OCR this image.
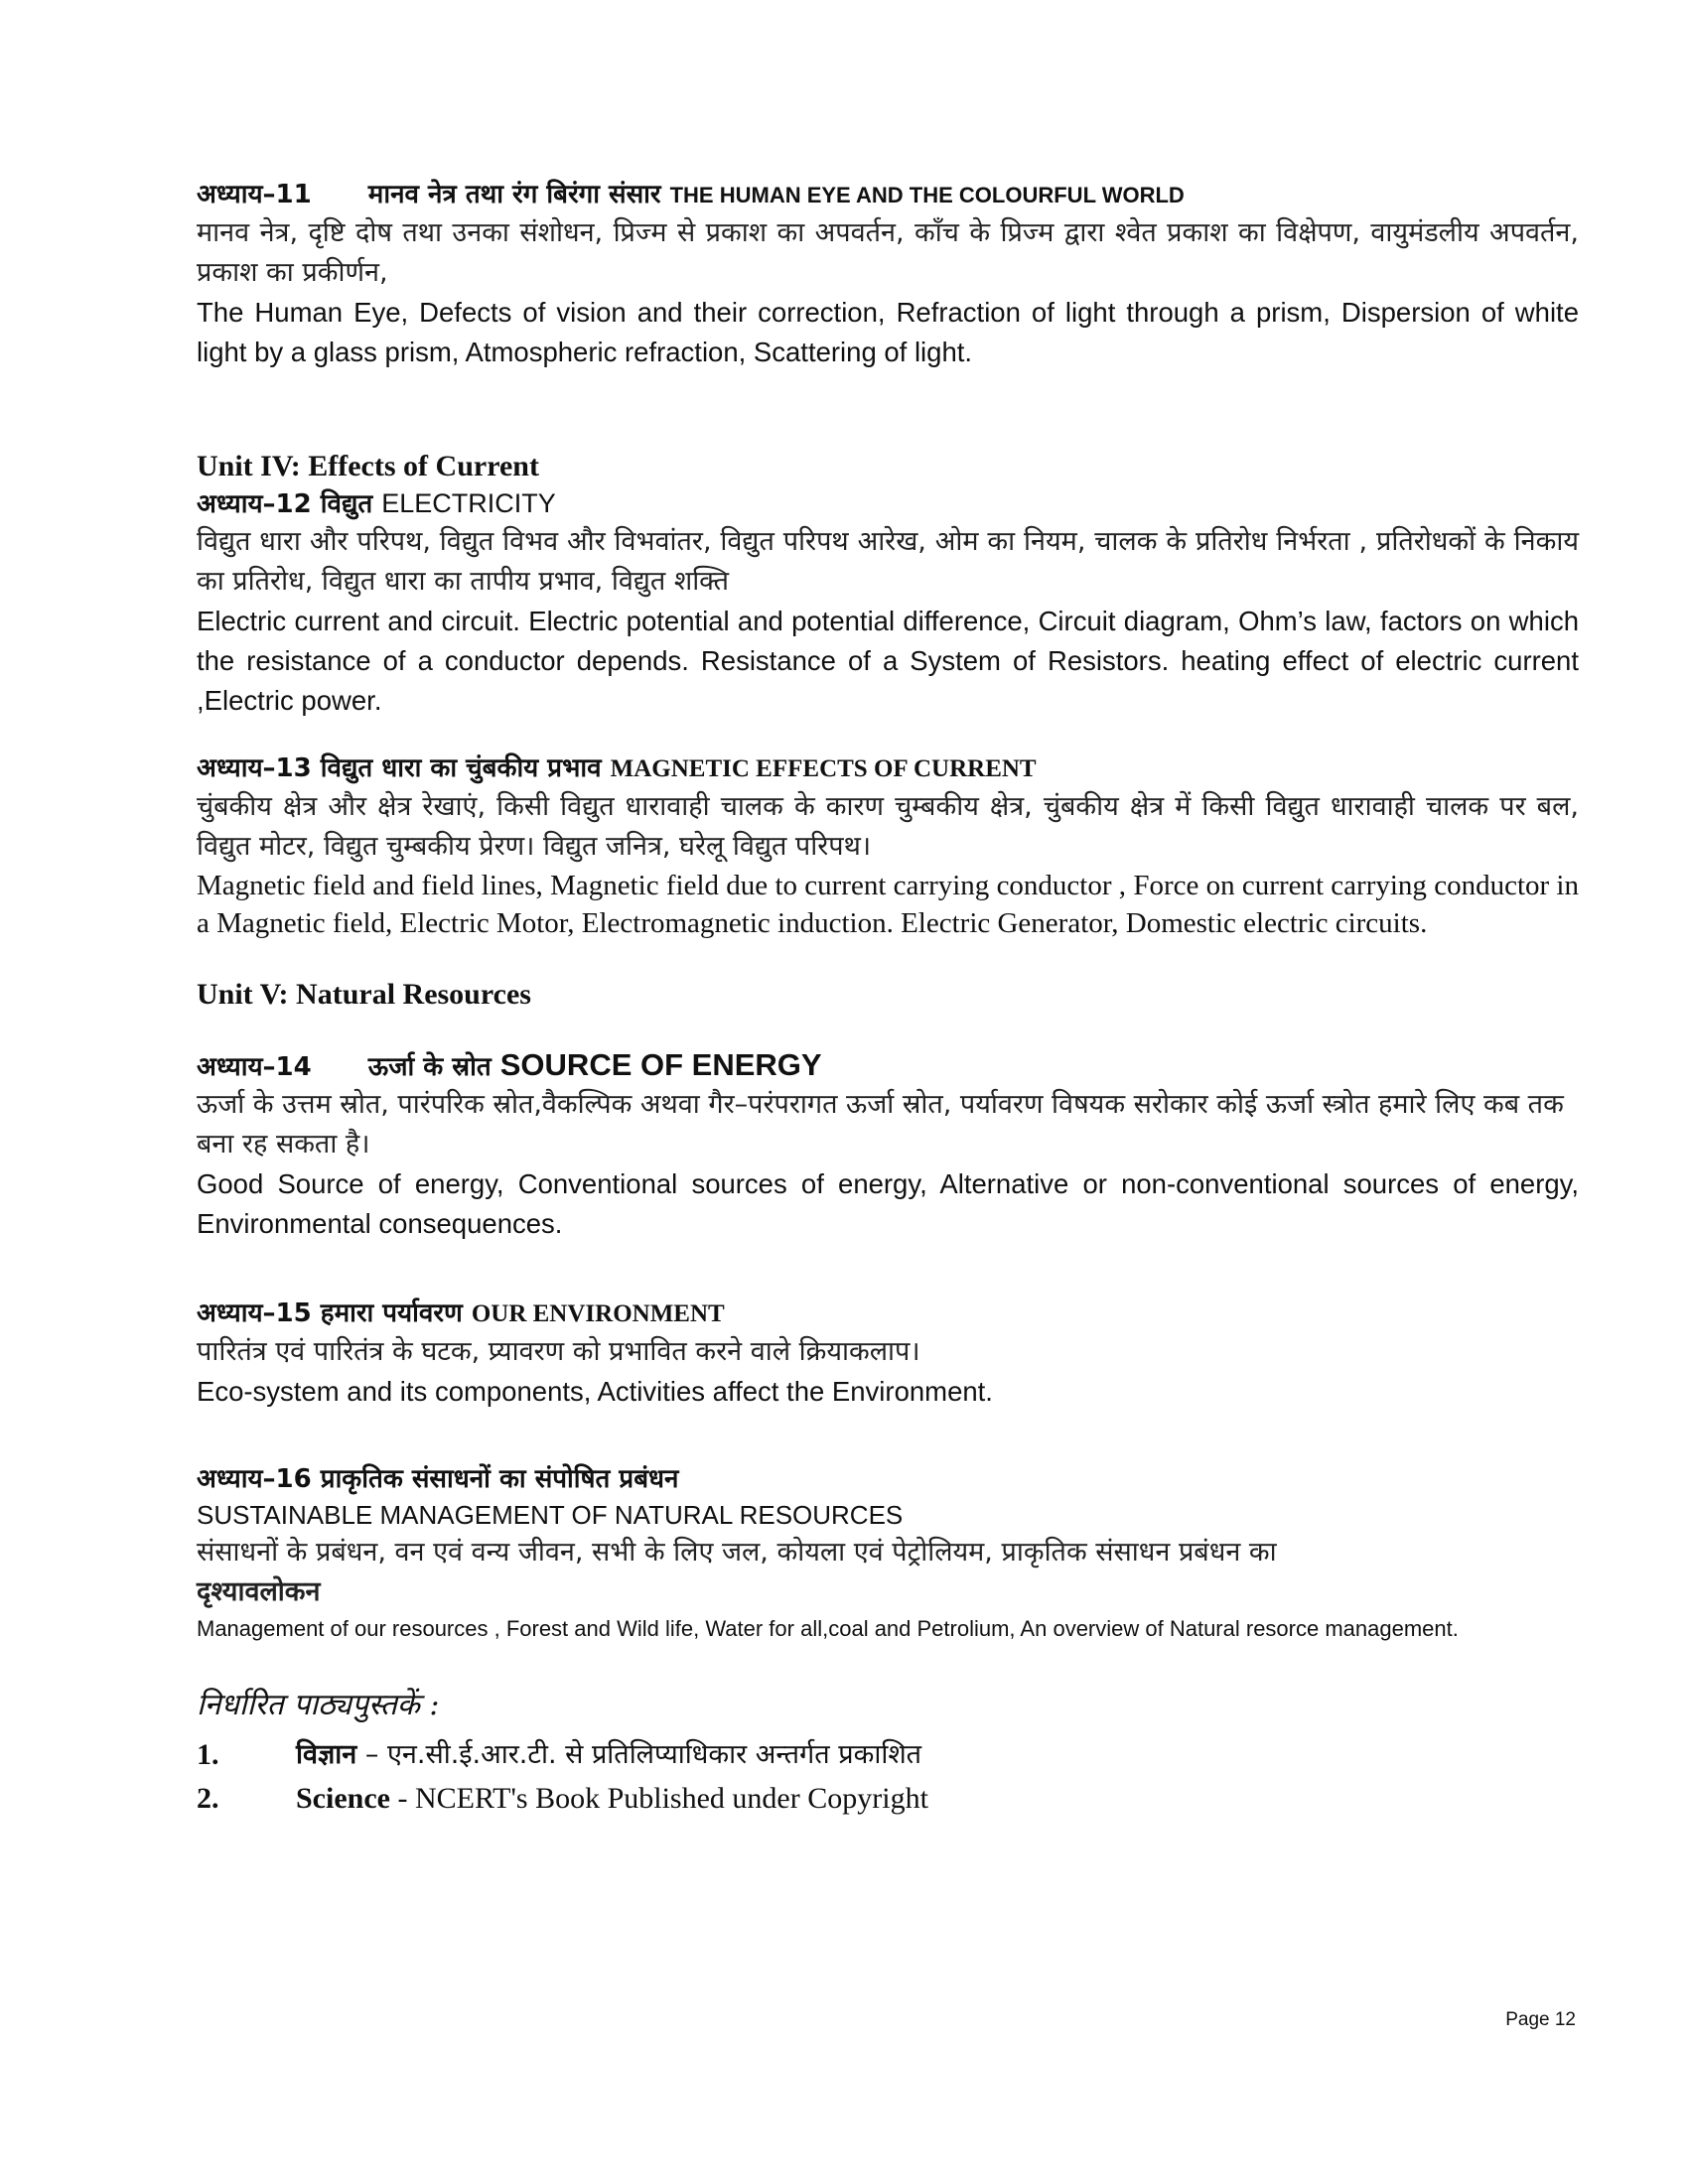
अध्याय–11 मानव नेत्र तथा रंग बिरंगा संसार THE HUMAN EYE AND THE COLOURFUL WORLD
मानव नेत्र, दृष्टि दोष तथा उनका संशोधन, प्रिज्म से प्रकाश का अपवर्तन, काँच के प्रिज्म द्वारा श्वेत प्रकाश का विक्षेपण, वायुमंडलीय अपवर्तन, प्रकाश का प्रकीर्णन,
The Human Eye, Defects of vision and their correction, Refraction of light through a prism, Dispersion of white light by a glass prism, Atmospheric refraction, Scattering of light.
Unit IV: Effects of Current
अध्याय–12 विद्युत ELECTRICITY
विद्युत धारा और परिपथ, विद्युत विभव और विभवांतर, विद्युत परिपथ आरेख, ओम का नियम, चालक के प्रतिरोध निर्भरता , प्रतिरोधकों के निकाय का प्रतिरोध, विद्युत धारा का तापीय प्रभाव, विद्युत शक्ति
Electric current and circuit. Electric potential and potential difference, Circuit diagram, Ohm’s law, factors on which the resistance of a conductor depends. Resistance of a System of Resistors. heating effect of electric current ,Electric power.
अध्याय–13 विद्युत धारा का चुंबकीय प्रभाव MAGNETIC EFFECTS OF CURRENT
चुंबकीय क्षेत्र और क्षेत्र रेखाएं, किसी विद्युत धारावाही चालक के कारण चुम्बकीय क्षेत्र, चुंबकीय क्षेत्र में किसी विद्युत धारावाही चालक पर बल, विद्युत मोटर, विद्युत चुम्बकीय प्रेरण। विद्युत जनित्र, घरेलू विद्युत परिपथ।
Magnetic field and field lines, Magnetic field due to current carrying conductor , Force on current carrying conductor in a Magnetic field, Electric Motor, Electromagnetic induction. Electric Generator, Domestic electric circuits.
Unit V: Natural Resources
अध्याय–14 ऊर्जा के स्रोत SOURCE OF ENERGY
ऊर्जा के उत्तम स्रोत, पारंपरिक स्रोत,वैकल्पिक अथवा गैर–परंपरागत ऊर्जा स्रोत, पर्यावरण विषयक सरोकार कोई ऊर्जा स्त्रोत हमारे लिए कब तक बना रह सकता है।
Good Source of energy, Conventional sources of energy, Alternative or non-conventional sources of energy, Environmental consequences.
अध्याय–15 हमारा पर्यावरण OUR ENVIRONMENT
पारितंत्र एवं पारितंत्र के घटक, प्र्यावरण को प्रभावित करने वाले क्रियाकलाप।
Eco-system and its components, Activities affect the Environment.
अध्याय–16 प्राकृतिक संसाधनों का संपोषित प्रबंधन
SUSTAINABLE MANAGEMENT OF NATURAL RESOURCES
संसाधनों के प्रबंधन, वन एवं वन्य जीवन, सभी के लिए जल, कोयला एवं पेट्रोलियम, प्राकृतिक संसाधन प्रबंधन का
दृश्यावलोकन
Management of our resources , Forest and Wild life, Water for all,coal and Petrolium, An overview of Natural resorce management.
निर्धारित पाठ्यपुस्तकें :
1.	विज्ञान – एन.सी.ई.आर.टी. से प्रतिलिप्याधिकार अन्तर्गत प्रकाशित
2.	Science - NCERT's Book Published under Copyright
Page 12
